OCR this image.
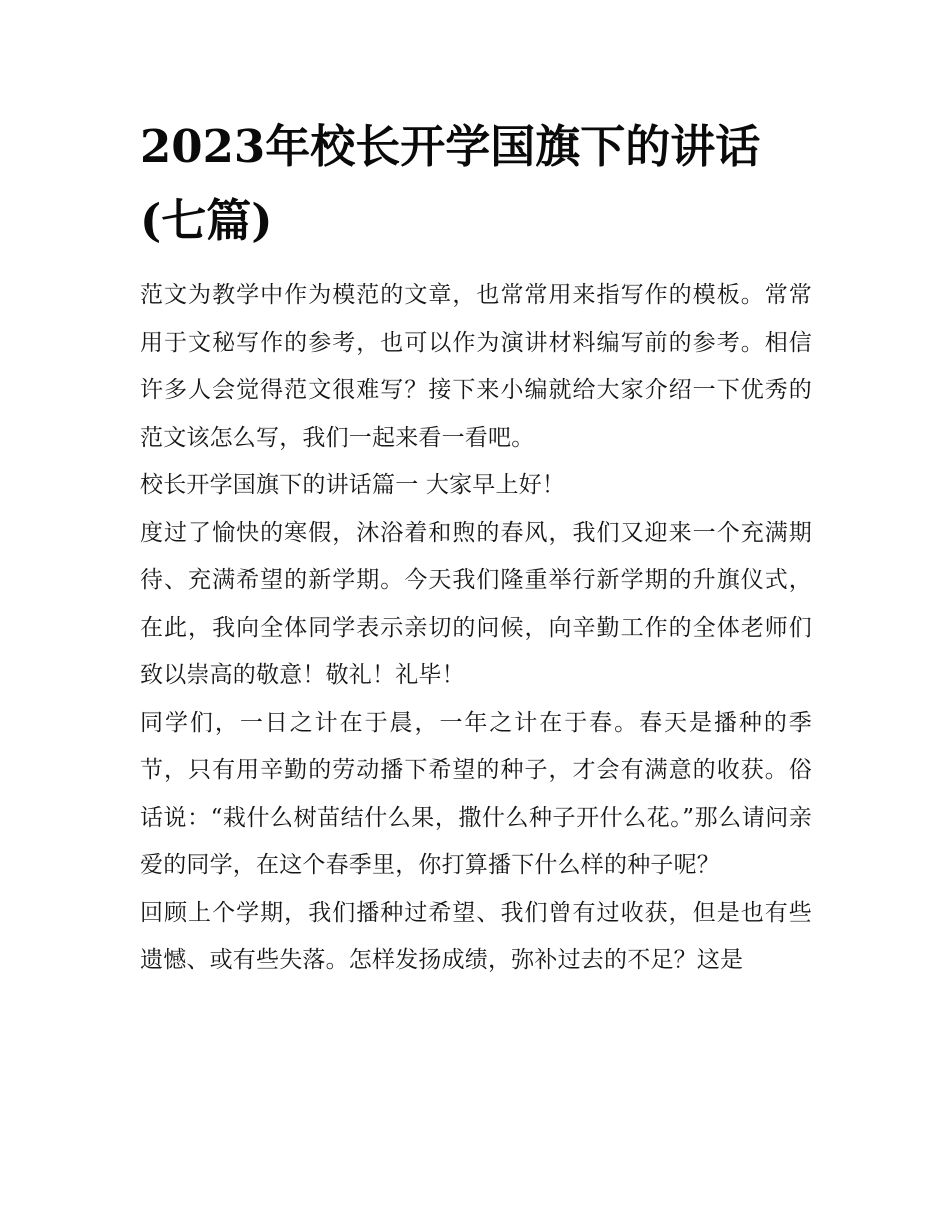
2023年校长开学国旗下的讲话(七篇)

范文为教学中作为模范的文章，也常常用来指写作的模板。常常用于文秘写作的参考，也可以作为演讲材料编写前的参考。相信许多人会觉得范文很难写？接下来小编就给大家介绍一下优秀的范文该怎么写，我们一起来看一看吧。

校长开学国旗下的讲话篇一 大家早上好！

度过了愉快的寒假，沐浴着和煦的春风，我们又迎来一个充满期待、充满希望的新学期。今天我们隆重举行新学期的升旗仪式，在此，我向全体同学表示亲切的问候，向辛勤工作的全体老师们致以崇高的敬意！敬礼！礼毕！

同学们，一日之计在于晨，一年之计在于春。春天是播种的季节，只有用辛勤的劳动播下希望的种子，才会有满意的收获。俗话说：“栽什么树苗结什么果，撒什么种子开什么花。”那么请问亲爱的同学，在这个春季里，你打算播下什么样的种子呢？

回顾上个学期，我们播种过希望、我们曾有过收获，但是也有些遗憾、或有些失落。怎样发扬成绩，弥补过去的不足？这是
